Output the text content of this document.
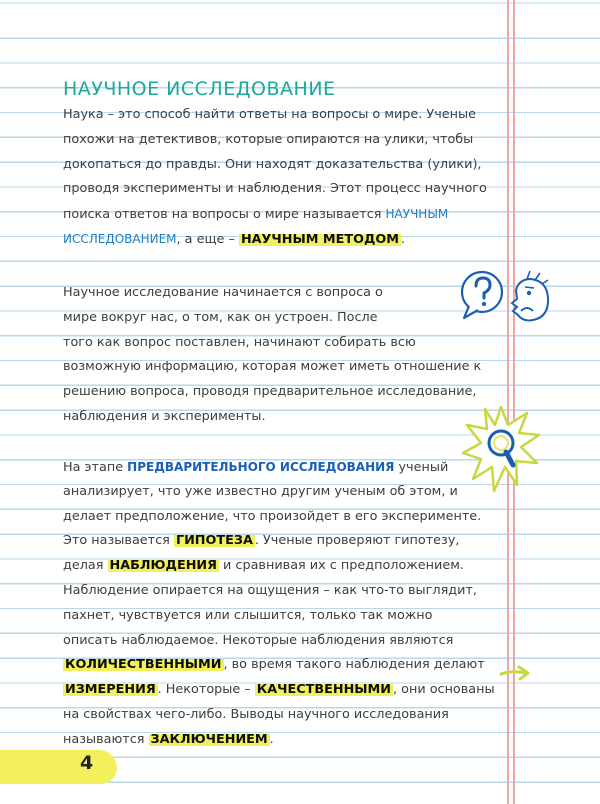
НАУЧНОЕ ИССЛЕДОВАНИЕ
Наука – это способ найти ответы на вопросы о мире. Ученые
похожи на детективов, которые опираются на улики, чтобы
докопаться до правды. Они находят доказательства (улики),
проводя эксперименты и наблюдения. Этот процесс научного
поиска ответов на вопросы о мире называется НАУЧНЫМ
ИССЛЕДОВАНИЕМ, а еще – НАУЧНЫМ МЕТОДОМ .
Научное исследование начинается с вопроса о
мире вокруг нас, о том, как он устроен. После
того как вопрос поставлен, начинают собирать всю
возможную информацию, которая может иметь отношение к
решению вопроса, проводя предварительное исследование,
наблюдения и эксперименты.
На этапе ПРЕДВАРИТЕЛЬНОГО ИССЛЕДОВАНИЯ ученый
анализирует, что уже известно другим ученым об этом, и
делает предположение, что произойдет в его эксперименте.
Это называется ГИПОТЕЗА . Ученые проверяют гипотезу,
делая НАБЛЮДЕНИЯ и сравнивая их с предположением.
Наблюдение опирается на ощущения – как что-то выглядит,
пахнет, чувствуется или слышится, только так можно
описать наблюдаемое. Некоторые наблюдения являются
КОЛИЧЕСТВЕННЫМИ , во время такого наблюдения делают
ИЗМЕРЕНИЯ . Некоторые – КАЧЕСТВЕННЫМИ , они основаны
на свойствах чего-либо. Выводы научного исследования
называются ЗАКЛЮЧЕНИЕМ .
4
